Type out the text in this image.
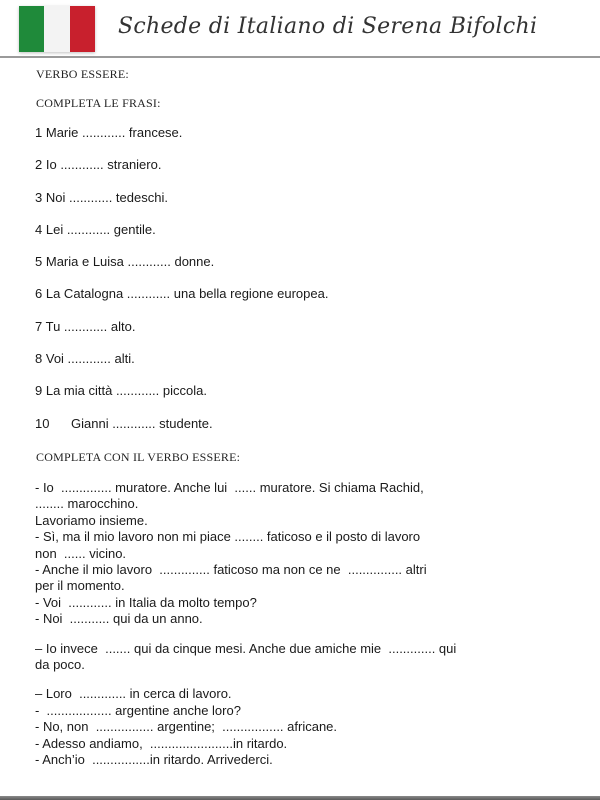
Schede di Italiano di Serena Bifolchi
VERBO ESSERE:
COMPLETA LE FRASI:
1 Marie ............ francese.
2 Io ............ straniero.
3 Noi ............ tedeschi.
4 Lei ............ gentile.
5 Maria e Luisa ............ donne.
6 La Catalogna ............ una bella regione europea.
7 Tu ............ alto.
8 Voi ............ alti.
9 La mia città ............ piccola.
10 Gianni ............ studente.
COMPLETA CON IL VERBO ESSERE:

- Io  .............. muratore. Anche lui  ...... muratore. Si chiama Rachid,

........ marocchino.

Lavoriamo insieme.

- Sì, ma il mio lavoro non mi piace ........ faticoso e il posto di lavoro

non  ...... vicino.

- Anche il mio lavoro  .............. faticoso ma non ce ne  ............... altri

per il momento.

- Voi  ............ in Italia da molto tempo?

- Noi  ........... qui da un anno.

– Io invece  ....... qui da cinque mesi. Anche due amiche mie  ............. qui

da poco.

– Loro  ............. in cerca di lavoro.

-  .................. argentine anche loro?

- No, non  ................ argentine;  ................. africane.

- Adesso andiamo,  .......................in ritardo.

- Anch’io  ................in ritardo. Arrivederci.
